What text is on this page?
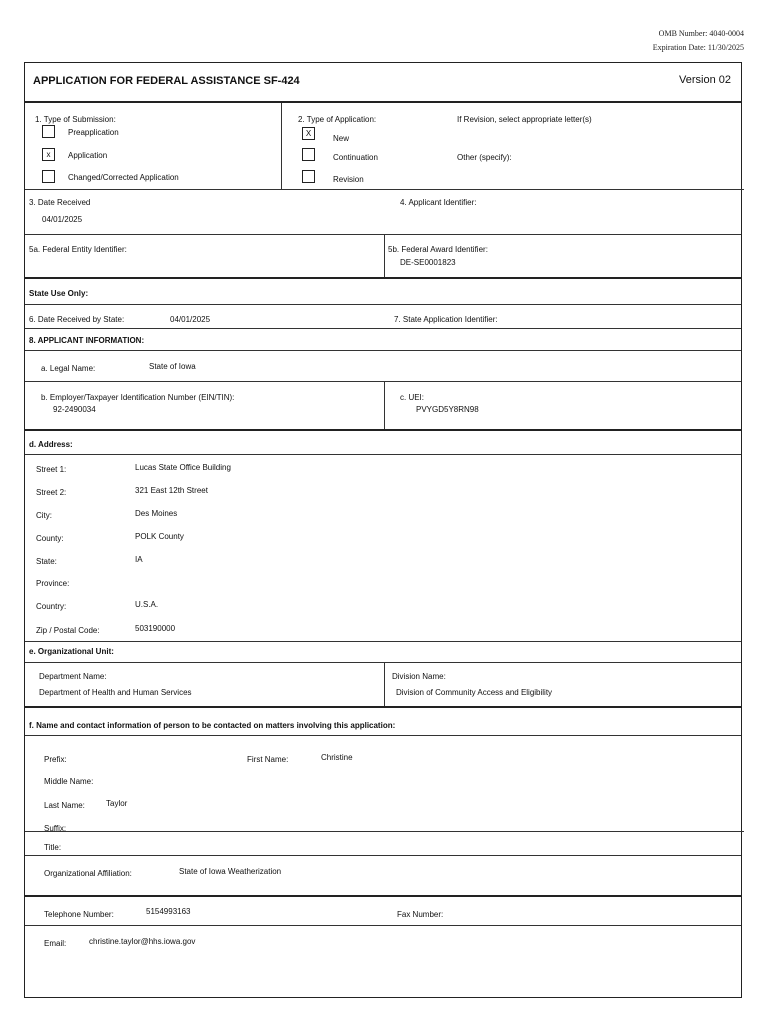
OMB Number: 4040-0004
Expiration Date: 11/30/2025
APPLICATION FOR FEDERAL ASSISTANCE SF-424	Version 02
1. Type of Submission:
Preapplication
x	Application
Changed/Corrected Application
2. Type of Application:
X
New
Continuation
Revision
If Revision, select appropriate letter(s)
Other (specify):
3. Date Received
04/01/2025
4. Applicant Identifier:
5a. Federal Entity Identifier:	5b. Federal Award Identifier:
DE-SE0001823
State Use Only:
6. Date Received by State:	04/01/2025	7. State Application Identifier:
8. APPLICANT INFORMATION:
a. Legal Name:	State of Iowa
b. Employer/Taxpayer Identification Number (EIN/TIN):
92-2490034
c. UEI:
PVYGD5Y8RN98
d. Address:
Street 1:	Lucas State Office Building
Street 2:	321 East 12th Street
City:	Des Moines
County:	POLK County
State:	IA
Province:
Country:	U.S.A.
Zip / Postal Code:	503190000
e. Organizational Unit:
Department Name:
Department of Health and Human Services
Division Name:
Division of Community Access and Eligibility
f. Name and contact information of person to be contacted on matters involving this application:
Prefix:	First Name:	Christine
Middle Name:
Last Name:	Taylor
Suffix:
Title:
Organizational Affiliation:	State of Iowa Weatherization
Telephone Number:	5154993163	Fax Number:
Email:	christine.taylor@hhs.iowa.gov
